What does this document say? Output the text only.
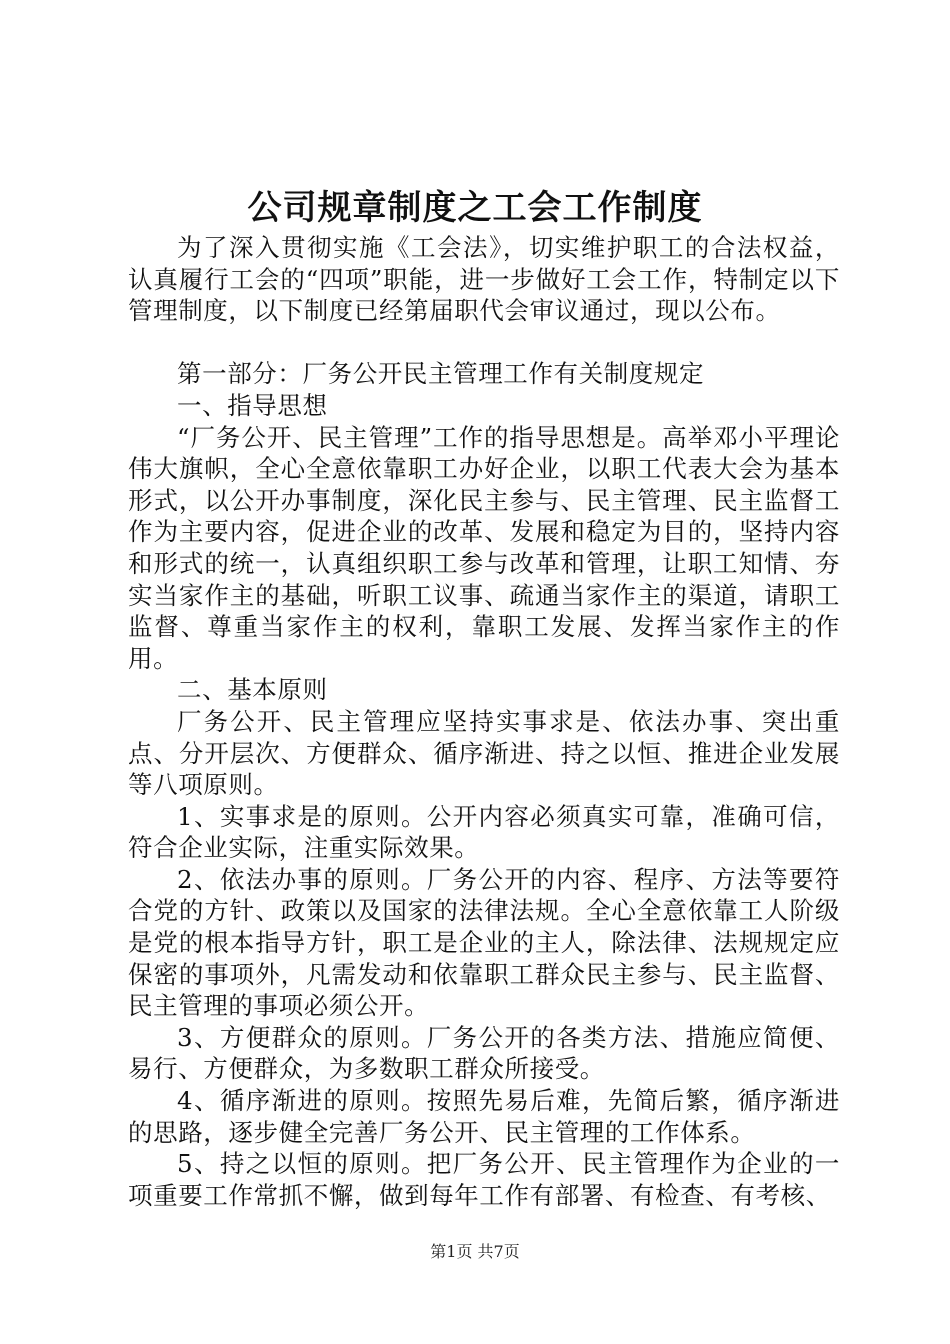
公司规章制度之工会工作制度

为了深入贯彻实施《工会法》，切实维护职工的合法权益，认真履行工会的“四项”职能，进一步做好工会工作，特制定以下管理制度，以下制度已经第届职代会审议通过，现以公布。

第一部分：厂务公开民主管理工作有关制度规定

一、指导思想

“厂务公开、民主管理”工作的指导思想是。高举邓小平理论伟大旗帜，全心全意依靠职工办好企业，以职工代表大会为基本形式，以公开办事制度，深化民主参与、民主管理、民主监督工作为主要内容，促进企业的改革、发展和稳定为目的，坚持内容和形式的统一，认真组织职工参与改革和管理，让职工知情、夯实当家作主的基础，听职工议事、疏通当家作主的渠道，请职工监督、尊重当家作主的权利，靠职工发展、发挥当家作主的作用。

二、基本原则

厂务公开、民主管理应坚持实事求是、依法办事、突出重点、分开层次、方便群众、循序渐进、持之以恒、推进企业发展等八项原则。

1、实事求是的原则。公开内容必须真实可靠，准确可信，符合企业实际，注重实际效果。

2、依法办事的原则。厂务公开的内容、程序、方法等要符合党的方针、政策以及国家的法律法规。全心全意依靠工人阶级是党的根本指导方针，职工是企业的主人，除法律、法规规定应保密的事项外，凡需发动和依靠职工群众民主参与、民主监督、民主管理的事项必须公开。

3、方便群众的原则。厂务公开的各类方法、措施应简便、易行、方便群众，为多数职工群众所接受。

4、循序渐进的原则。按照先易后难，先简后繁，循序渐进的思路，逐步健全完善厂务公开、民主管理的工作体系。

5、持之以恒的原则。把厂务公开、民主管理作为企业的一项重要工作常抓不懈，做到每年工作有部署、有检查、有考核、

第1页 共7页
